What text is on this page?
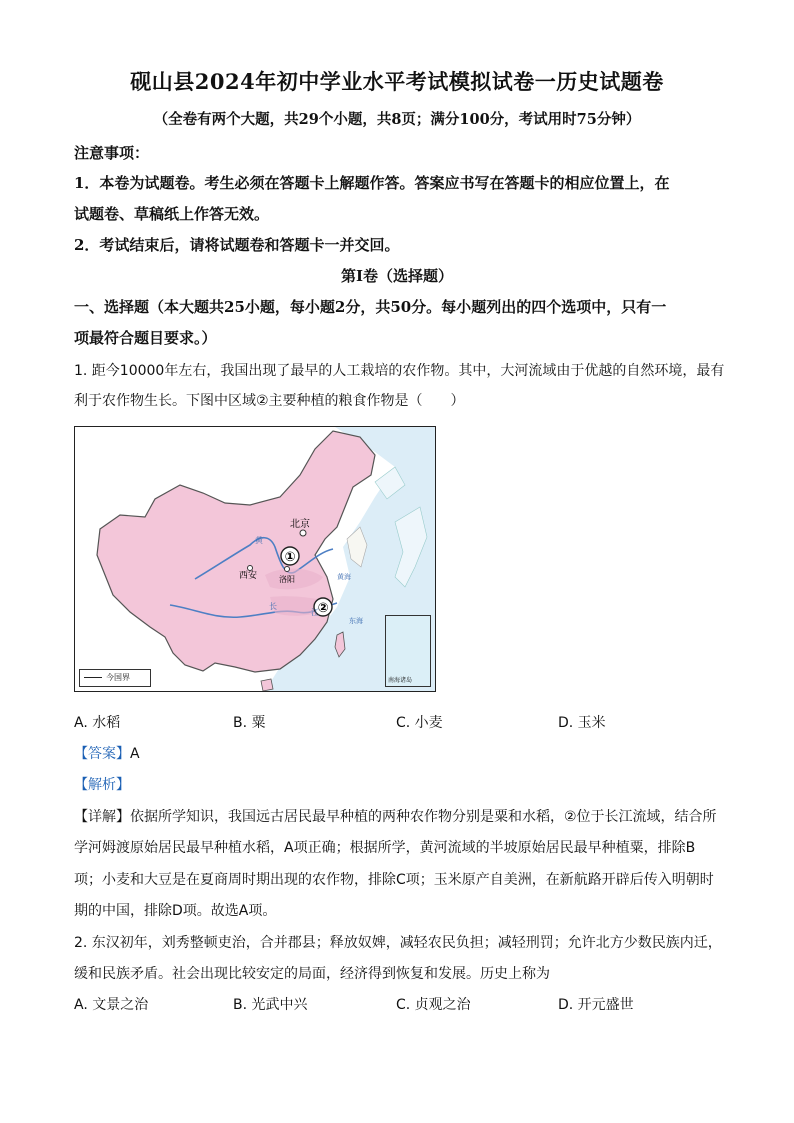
砚山县2024年初中学业水平考试模拟试卷一历史试题卷
（全卷有两个大题，共29个小题，共8页；满分100分，考试用时75分钟）
注意事项：
1．本卷为试题卷。考生必须在答题卡上解题作答。答案应书写在答题卡的相应位置上，在
试题卷、草稿纸上作答无效。
2．考试结束后，请将试题卷和答题卡一并交回。
第Ⅰ卷（选择题）
一、选择题（本大题共25小题，每小题2分，共50分。每小题列出的四个选项中，只有一
项最符合题目要求。）
1. 距今10000年左右，我国出现了最早的人工栽培的农作物。其中，大河流域由于优越的自然环境，最有
利于农作物生长。下图中区域②主要种植的粮食作物是（　　）
①
②
北京
西安	洛阳
黄
长
江
黄海
东海
今国界	南海诸岛
A. 水稻	B. 粟	C. 小麦	D. 玉米
【答案】A
【解析】
【详解】依据所学知识，我国远古居民最早种植的两种农作物分别是粟和水稻，②位于长江流域，结合所
学河姆渡原始居民最早种植水稻，A项正确；根据所学，黄河流域的半坡原始居民最早种植粟，排除B
项；小麦和大豆是在夏商周时期出现的农作物，排除C项；玉米原产自美洲，在新航路开辟后传入明朝时
期的中国，排除D项。故选A项。
2. 东汉初年，刘秀整顿吏治，合并郡县；释放奴婢，减轻农民负担；减轻刑罚；允许北方少数民族内迁，
缓和民族矛盾。社会出现比较安定的局面，经济得到恢复和发展。历史上称为
A. 文景之治	B. 光武中兴	C. 贞观之治	D. 开元盛世
